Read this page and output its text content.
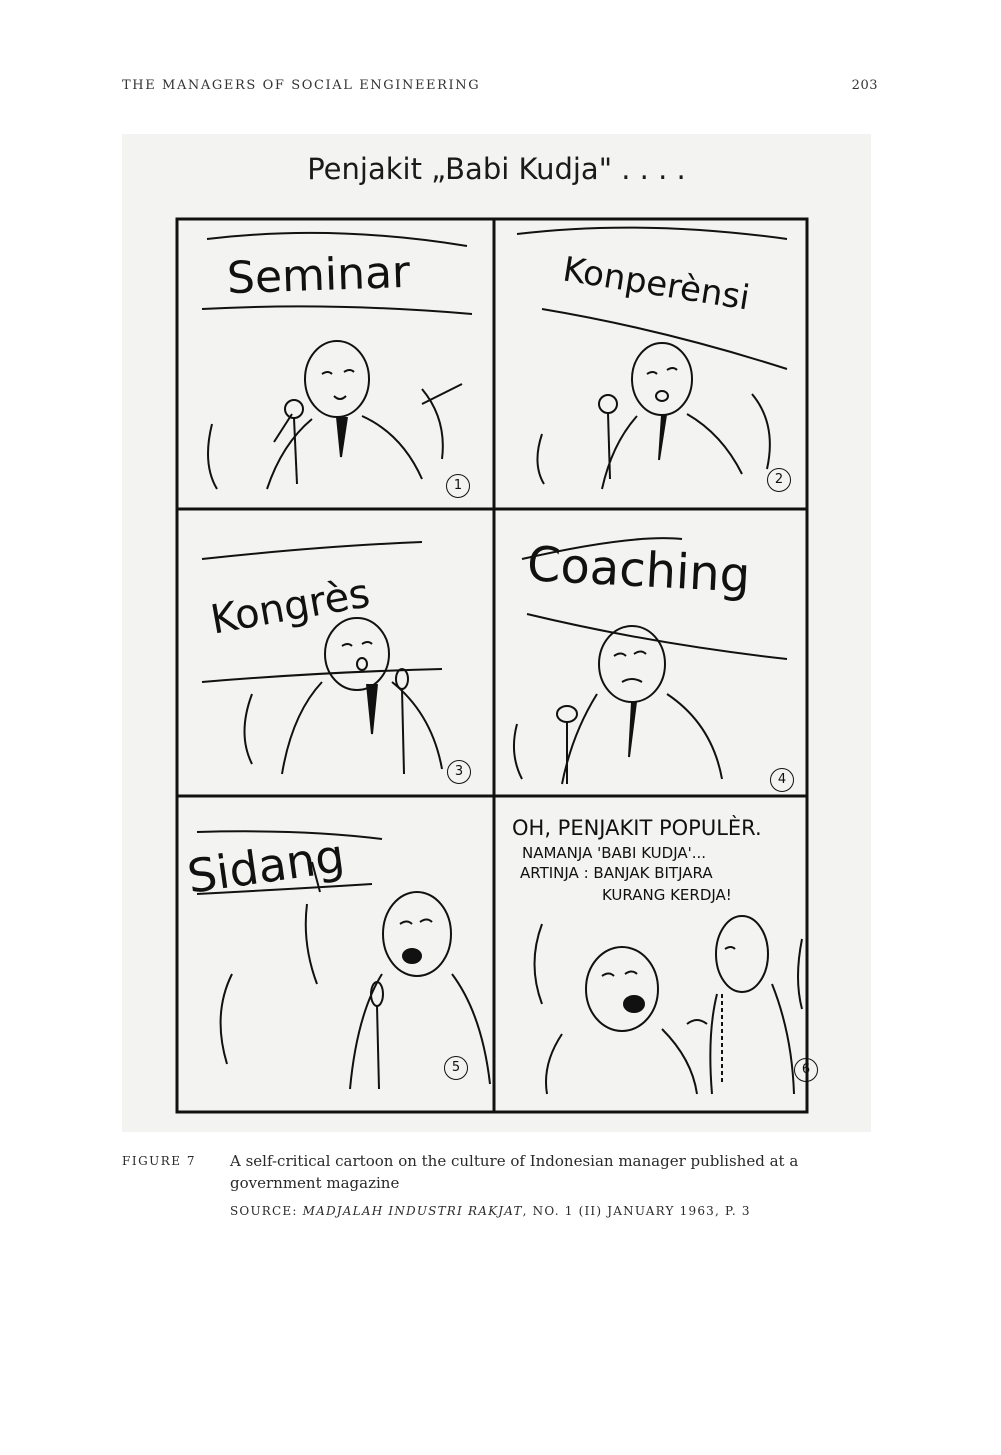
THE MANAGERS OF SOCIAL ENGINEERING	203
Penjakit „Babi Kudja" . . . .
Seminar	Konperènsi
Kongrès
Coaching
Sidang
1	2
3
4
5	6
OH, PENJAKIT POPULÈR.
NAMANJA 'BABI KUDJA'...
ARTINJA : BANJAK BITJARA
KURANG KERDJA!
FIGURE 7 A self-critical cartoon on the culture of Indonesian manager published at a government magazine
SOURCE: MADJALAH INDUSTRI RAKJAT, NO. 1 (II) JANUARY 1963, P. 3
